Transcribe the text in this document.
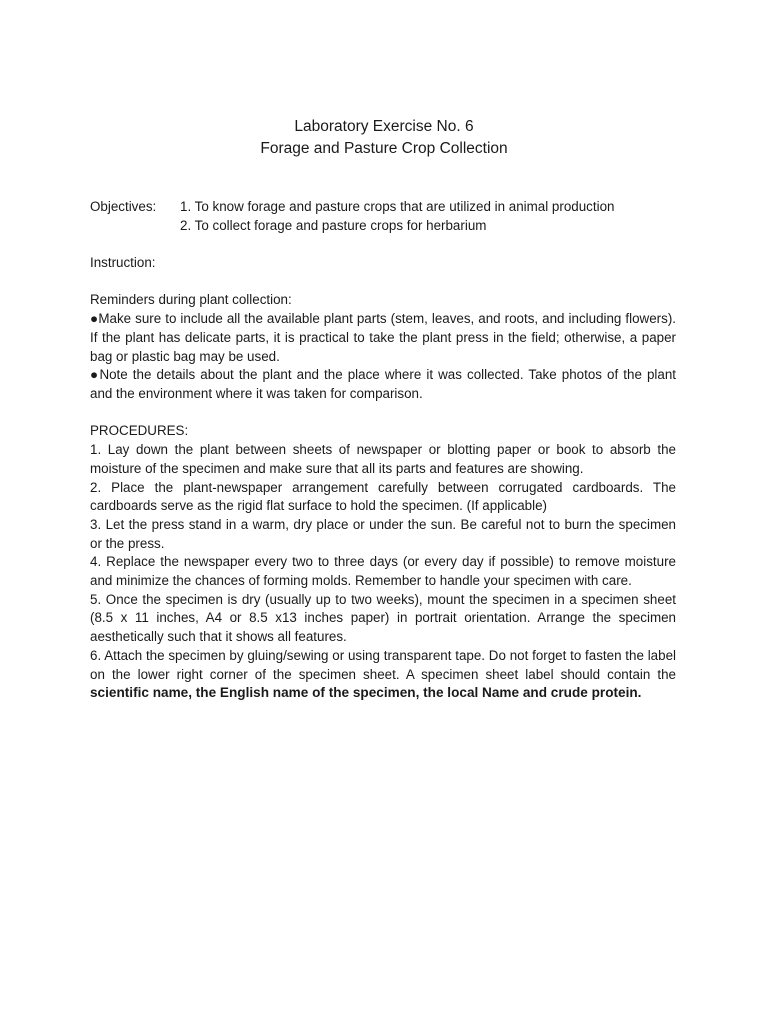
Laboratory Exercise No. 6
Forage and Pasture Crop Collection
Objectives:	1. To know forage and pasture crops that are utilized in animal production
2. To collect forage and pasture crops for herbarium

Instruction:

Reminders during plant collection:

●Make sure to include all the available plant parts (stem, leaves, and roots, and including flowers). If the plant has delicate parts, it is practical to take the plant press in the field; otherwise, a paper bag or plastic bag may be used.

●Note the details about the plant and the place where it was collected. Take photos of the plant and the environment where it was taken for comparison.

PROCEDURES:

1. Lay down the plant between sheets of newspaper or blotting paper or book to absorb the moisture of the specimen and make sure that all its parts and features are showing.

2. Place the plant-newspaper arrangement carefully between corrugated cardboards. The cardboards serve as the rigid flat surface to hold the specimen. (If applicable)

3. Let the press stand in a warm, dry place or under the sun. Be careful not to burn the specimen or the press.

4. Replace the newspaper every two to three days (or every day if possible) to remove moisture and minimize the chances of forming molds. Remember to handle your specimen with care.

5. Once the specimen is dry (usually up to two weeks), mount the specimen in a specimen sheet (8.5 x 11 inches, A4 or 8.5 x13 inches paper) in portrait orientation. Arrange the specimen aesthetically such that it shows all features.

6. Attach the specimen by gluing/sewing or using transparent tape. Do not forget to fasten the label on the lower right corner of the specimen sheet. A specimen sheet label should contain the scientific name, the English name of the specimen, the local Name and crude protein.
